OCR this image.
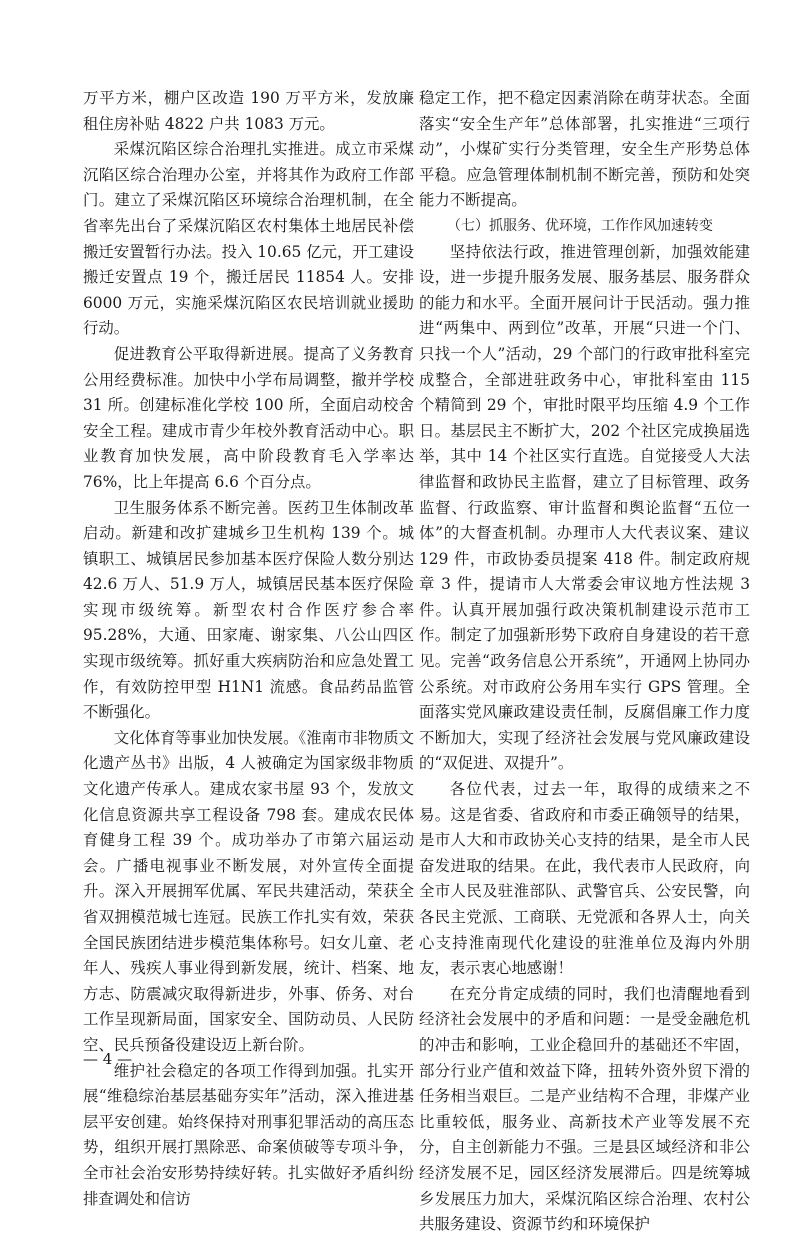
万平方米，棚户区改造 190 万平方米，发放廉租住房补贴 4822 户共 1083 万元。

采煤沉陷区综合治理扎实推进。成立市采煤沉陷区综合治理办公室，并将其作为政府工作部门。建立了采煤沉陷区环境综合治理机制，在全省率先出台了采煤沉陷区农村集体土地居民补偿搬迁安置暂行办法。投入 10.65 亿元，开工建设搬迁安置点 19 个，搬迁居民 11854 人。安排 6000 万元，实施采煤沉陷区农民培训就业援助行动。

促进教育公平取得新进展。提高了义务教育公用经费标准。加快中小学布局调整，撤并学校 31 所。创建标准化学校 100 所，全面启动校舍安全工程。建成市青少年校外教育活动中心。职业教育加快发展，高中阶段教育毛入学率达 76%，比上年提高 6.6 个百分点。

卫生服务体系不断完善。医药卫生体制改革启动。新建和改扩建城乡卫生机构 139 个。城镇职工、城镇居民参加基本医疗保险人数分别达 42.6 万人、51.9 万人，城镇居民基本医疗保险实现市级统筹。新型农村合作医疗参合率 95.28%，大通、田家庵、谢家集、八公山四区实现市级统筹。抓好重大疾病防治和应急处置工作，有效防控甲型 H1N1 流感。食品药品监管不断强化。

文化体育等事业加快发展。《淮南市非物质文化遗产丛书》出版，4 人被确定为国家级非物质文化遗产传承人。建成农家书屋 93 个，发放文化信息资源共享工程设备 798 套。建成农民体育健身工程 39 个。成功举办了市第六届运动会。广播电视事业不断发展，对外宣传全面提升。深入开展拥军优属、军民共建活动，荣获全省双拥模范城七连冠。民族工作扎实有效，荣获全国民族团结进步模范集体称号。妇女儿童、老年人、残疾人事业得到新发展，统计、档案、地方志、防震减灾取得新进步，外事、侨务、对台工作呈现新局面，国家安全、国防动员、人民防空、民兵预备役建设迈上新台阶。

维护社会稳定的各项工作得到加强。扎实开展“维稳综治基层基础夯实年”活动，深入推进基层平安创建。始终保持对刑事犯罪活动的高压态势，组织开展打黑除恶、命案侦破等专项斗争，全市社会治安形势持续好转。扎实做好矛盾纠纷排查调处和信访

稳定工作，把不稳定因素消除在萌芽状态。全面落实“安全生产年”总体部署，扎实推进“三项行动”，小煤矿实行分类管理，安全生产形势总体平稳。应急管理体制机制不断完善，预防和处突能力不断提高。

（七）抓服务、优环境，工作作风加速转变

坚持依法行政，推进管理创新，加强效能建设，进一步提升服务发展、服务基层、服务群众的能力和水平。全面开展问计于民活动。强力推进“两集中、两到位”改革，开展“只进一个门、只找一个人”活动，29 个部门的行政审批科室完成整合，全部进驻政务中心，审批科室由 115 个精简到 29 个，审批时限平均压缩 4.9 个工作日。基层民主不断扩大，202 个社区完成换届选举，其中 14 个社区实行直选。自觉接受人大法律监督和政协民主监督，建立了目标管理、政务监督、行政监察、审计监督和舆论监督“五位一体”的大督查机制。办理市人大代表议案、建议 129 件，市政协委员提案 418 件。制定政府规章 3 件，提请市人大常委会审议地方性法规 3 件。认真开展加强行政决策机制建设示范市工作。制定了加强新形势下政府自身建设的若干意见。完善“政务信息公开系统”，开通网上协同办公系统。对市政府公务用车实行 GPS 管理。全面落实党风廉政建设责任制，反腐倡廉工作力度不断加大，实现了经济社会发展与党风廉政建设的“双促进、双提升”。

各位代表，过去一年，取得的成绩来之不易。这是省委、省政府和市委正确领导的结果，是市人大和市政协关心支持的结果，是全市人民奋发进取的结果。在此，我代表市人民政府，向全市人民及驻淮部队、武警官兵、公安民警，向各民主党派、工商联、无党派和各界人士，向关心支持淮南现代化建设的驻淮单位及海内外朋友，表示衷心地感谢！

在充分肯定成绩的同时，我们也清醒地看到经济社会发展中的矛盾和问题：一是受金融危机的冲击和影响，工业企稳回升的基础还不牢固，部分行业产值和效益下降，扭转外资外贸下滑的任务相当艰巨。二是产业结构不合理，非煤产业比重较低，服务业、高新技术产业等发展不充分，自主创新能力不强。三是县区域经济和非公经济发展不足，园区经济发展滞后。四是统筹城乡发展压力加大，采煤沉陷区综合治理、农村公共服务建设、资源节约和环境保护

— 4 —
